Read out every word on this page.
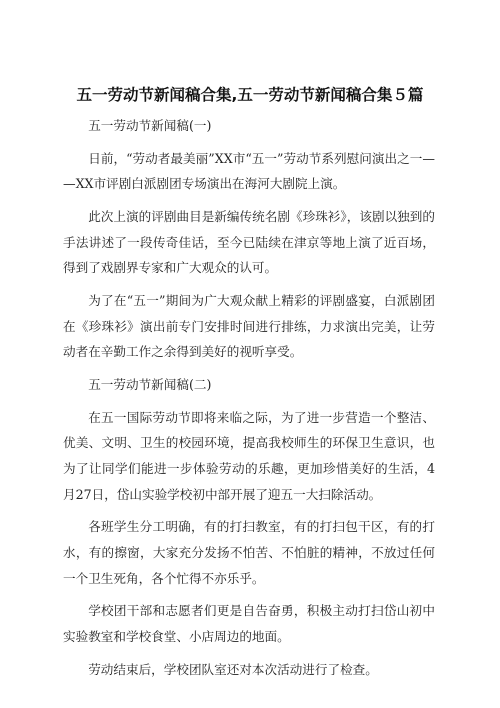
五一劳动节新闻稿合集,五一劳动节新闻稿合集５篇

五一劳动节新闻稿(一)

日前，“劳动者最美丽”XX市“五一”劳动节系列慰问演出之一——XX市评剧白派剧团专场演出在海河大剧院上演。

此次上演的评剧曲目是新编传统名剧《珍珠衫》，该剧以独到的手法讲述了一段传奇佳话，至今已陆续在津京等地上演了近百场，得到了戏剧界专家和广大观众的认可。

为了在“五一”期间为广大观众献上精彩的评剧盛宴，白派剧团在《珍珠衫》演出前专门安排时间进行排练，力求演出完美，让劳动者在辛勤工作之余得到美好的视听享受。

五一劳动节新闻稿(二)

在五一国际劳动节即将来临之际，为了进一步营造一个整洁、优美、文明、卫生的校园环境，提高我校师生的环保卫生意识，也为了让同学们能进一步体验劳动的乐趣，更加珍惜美好的生活，4月27日，岱山实验学校初中部开展了迎五一大扫除活动。

各班学生分工明确，有的打扫教室，有的打扫包干区，有的打水，有的擦窗，大家充分发扬不怕苦、不怕脏的精神，不放过任何一个卫生死角，各个忙得不亦乐乎。

学校团干部和志愿者们更是自告奋勇，积极主动打扫岱山初中实验教室和学校食堂、小店周边的地面。

劳动结束后，学校团队室还对本次活动进行了检查。
